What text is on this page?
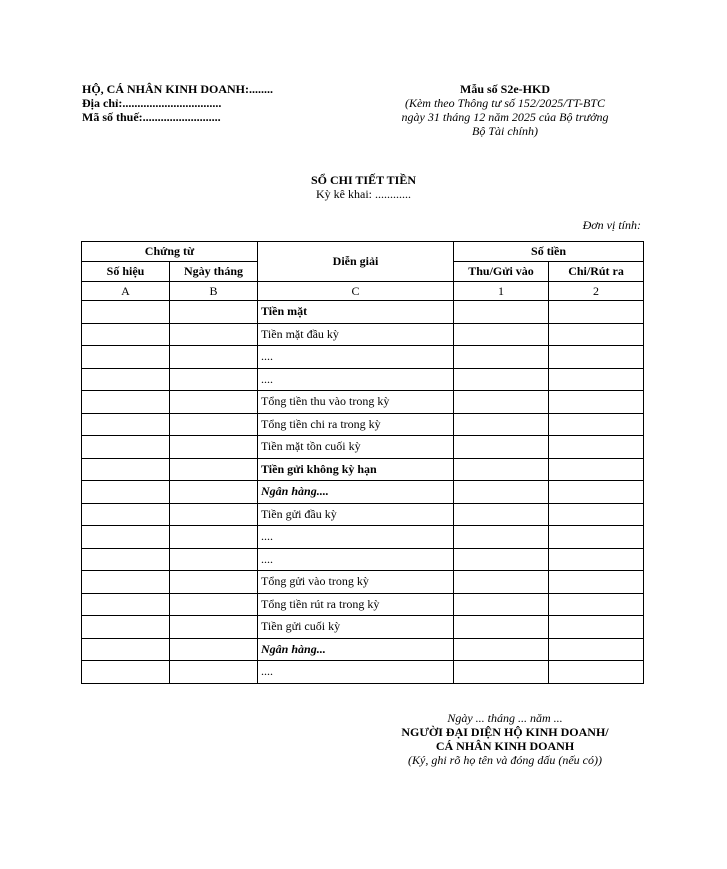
HỘ, CÁ NHÂN KINH DOANH:........
Địa chỉ:.................................
Mã số thuế:..........................
Mẫu số S2e-HKD
(Kèm theo Thông tư số 152/2025/TT-BTC
ngày 31 tháng 12 năm 2025 của Bộ trưởng
Bộ Tài chính)
SỔ CHI TIẾT TIỀN
Kỳ kê khai: ............
Đơn vị tính:
Chứng từ		Diễn giải	Số tiền	
Số hiệu	Ngày tháng		Thu/Gửi vào	Chi/Rút ra
A	B	C	1	2
		Tiền mặt		
		Tiền mặt đầu kỳ		
		....		
		....		
		Tổng tiền thu vào trong kỳ		
		Tổng tiền chi ra trong kỳ		
		Tiền mặt tồn cuối kỳ		
		Tiền gửi không kỳ hạn		
		Ngân hàng....		
		Tiền gửi đầu kỳ		
		....		
		....		
		Tổng gửi vào trong kỳ		
		Tổng tiền rút ra trong kỳ		
		Tiền gửi cuối kỳ		
		Ngân hàng...		
		....		
Ngày ... tháng ... năm ...
NGƯỜI ĐẠI DIỆN HỘ KINH DOANH/
CÁ NHÂN KINH DOANH
(Ký, ghi rõ họ tên và đóng dấu (nếu có))
